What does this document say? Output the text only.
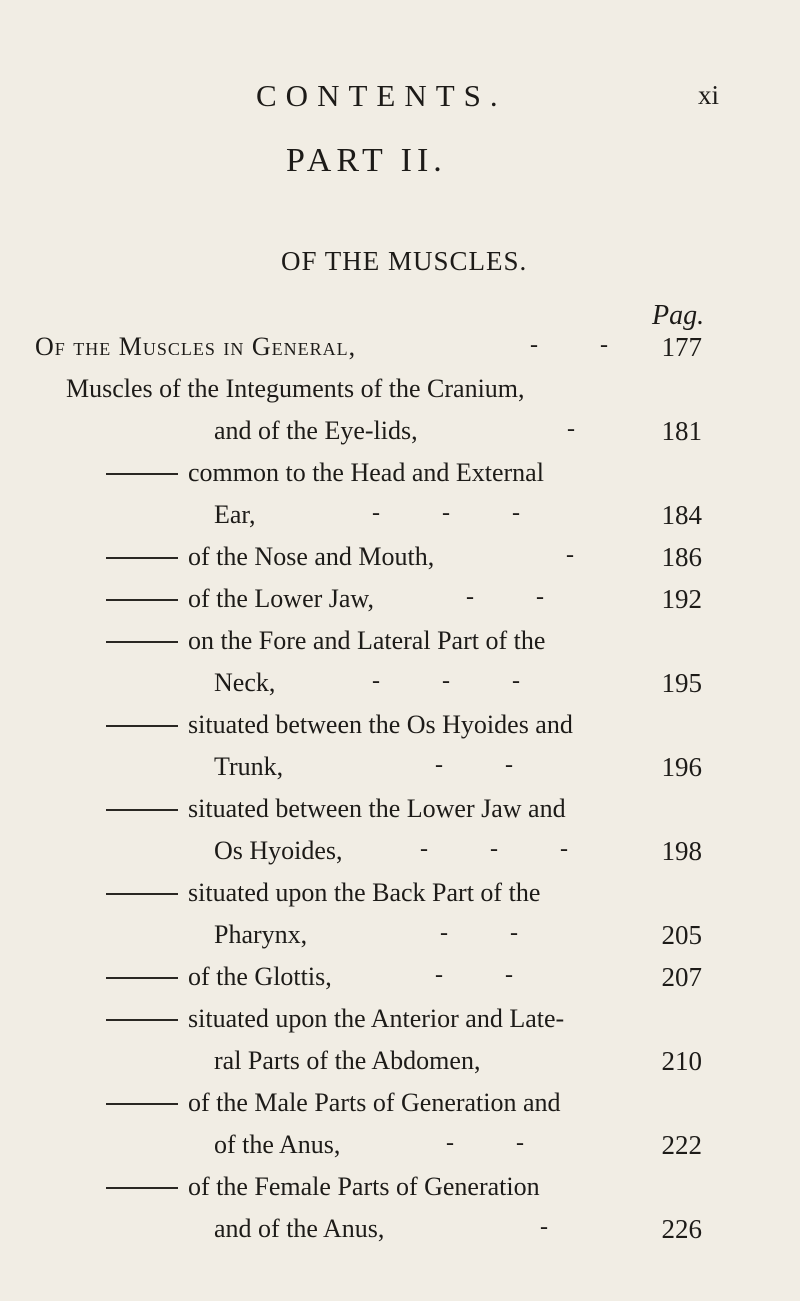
CONTENTS.	xi
PART II.
OF THE MUSCLES.
Pag.
Of the Muscles in General,	- - 177
Muscles of the Integuments of the Cranium,
and of the Eye-lids,	-	181
common to the Head and External
Ear,	- - -	184
of the Nose and Mouth,	-	186
of the Lower Jaw,	- -	192
on the Fore and Lateral Part of the
Neck,	- - -	195
situated between the Os Hyoides and
Trunk,	- -	196
situated between the Lower Jaw and
Os Hyoides,	- - -	198
situated upon the Back Part of the
Pharynx,	- -	205
of the Glottis,	- -	207
situated upon the Anterior and Late-
ral Parts of the Abdomen,	210
of the Male Parts of Generation and
of the Anus,	- -	222
of the Female Parts of Generation
and of the Anus,	-	226
